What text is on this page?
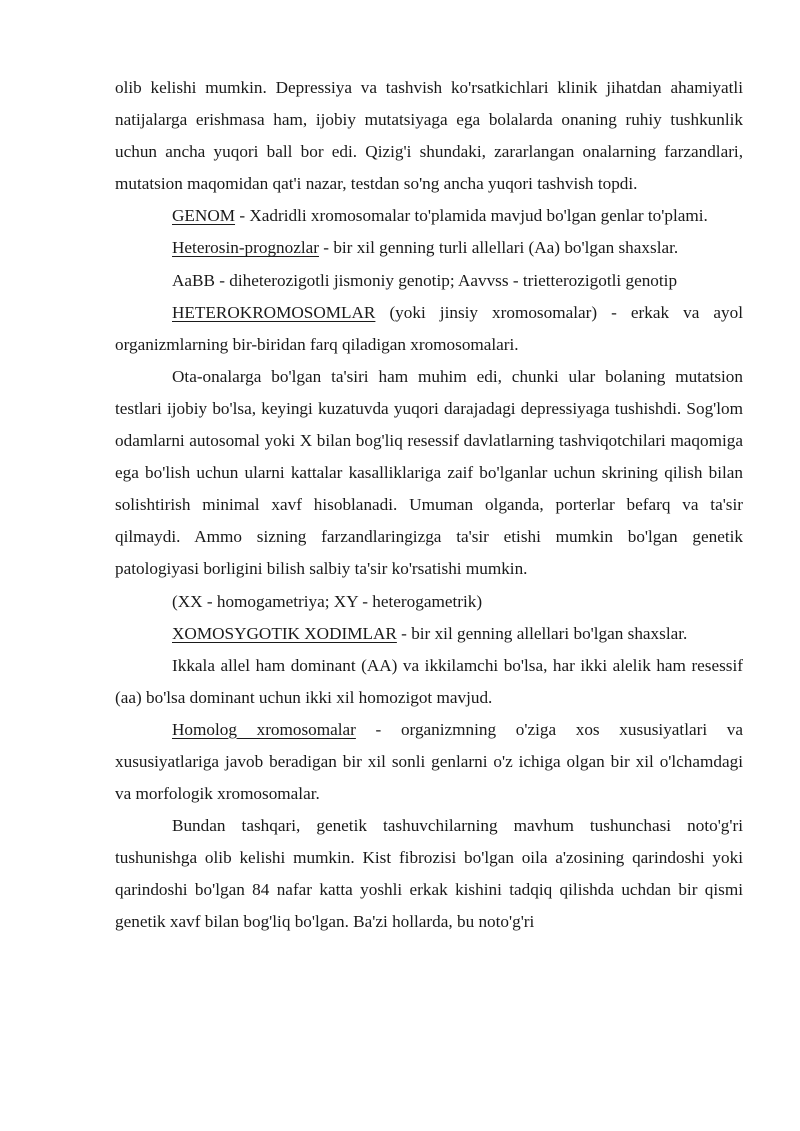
olib kelishi mumkin. Depressiya va tashvish ko'rsatkichlari klinik jihatdan ahamiyatli natijalarga erishmasa ham, ijobiy mutatsiyaga ega bolalarda onaning ruhiy tushkunlik uchun ancha yuqori ball bor edi. Qizig'i shundaki, zararlangan onalarning farzandlari, mutatsion maqomidan qat'i nazar, testdan so'ng ancha yuqori tashvish topdi.

GENOM - Xadridli xromosomalar to'plamida mavjud bo'lgan genlar to'plami.

Heterosin-prognozlar - bir xil genning turli allellari (Aa) bo'lgan shaxslar.

AaBB - diheterozigotli jismoniy genotip; Aavvss - trietterozigotli genotip

HETEROKROMOSOMLAR (yoki jinsiy xromosomalar) - erkak va ayol organizmlarning bir-biridan farq qiladigan xromosomalari.

Ota-onalarga bo'lgan ta'siri ham muhim edi, chunki ular bolaning mutatsion testlari ijobiy bo'lsa, keyingi kuzatuvda yuqori darajadagi depressiyaga tushishdi. Sog'lom odamlarni autosomal yoki X bilan bog'liq resessif davlatlarning tashviqotchilari maqomiga ega bo'lish uchun ularni kattalar kasalliklariga zaif bo'lganlar uchun skrining qilish bilan solishtirish minimal xavf hisoblanadi. Umuman olganda, porterlar befarq va ta'sir qilmaydi. Ammo sizning farzandlaringizga ta'sir etishi mumkin bo'lgan genetik patologiyasi borligini bilish salbiy ta'sir ko'rsatishi mumkin.

(XX - homogametriya; XY - heterogametrik)

XOMOSYGOTIK XODIMLAR - bir xil genning allellari bo'lgan shaxslar.

Ikkala allel ham dominant (AA) va ikkilamchi bo'lsa, har ikki alelik ham resessif (aa) bo'lsa dominant uchun ikki xil homozigot mavjud.

Homolog xromosomalar - organizmning o'ziga xos xususiyatlari va xususiyatlariga javob beradigan bir xil sonli genlarni o'z ichiga olgan bir xil o'lchamdagi va morfologik xromosomalar.

Bundan tashqari, genetik tashuvchilarning mavhum tushunchasi noto'g'ri tushunishga olib kelishi mumkin. Kist fibrozisi bo'lgan oila a'zosining qarindoshi yoki qarindoshi bo'lgan 84 nafar katta yoshli erkak kishini tadqiq qilishda uchdan bir qismi genetik xavf bilan bog'liq bo'lgan. Ba'zi hollarda, bu noto'g'ri
